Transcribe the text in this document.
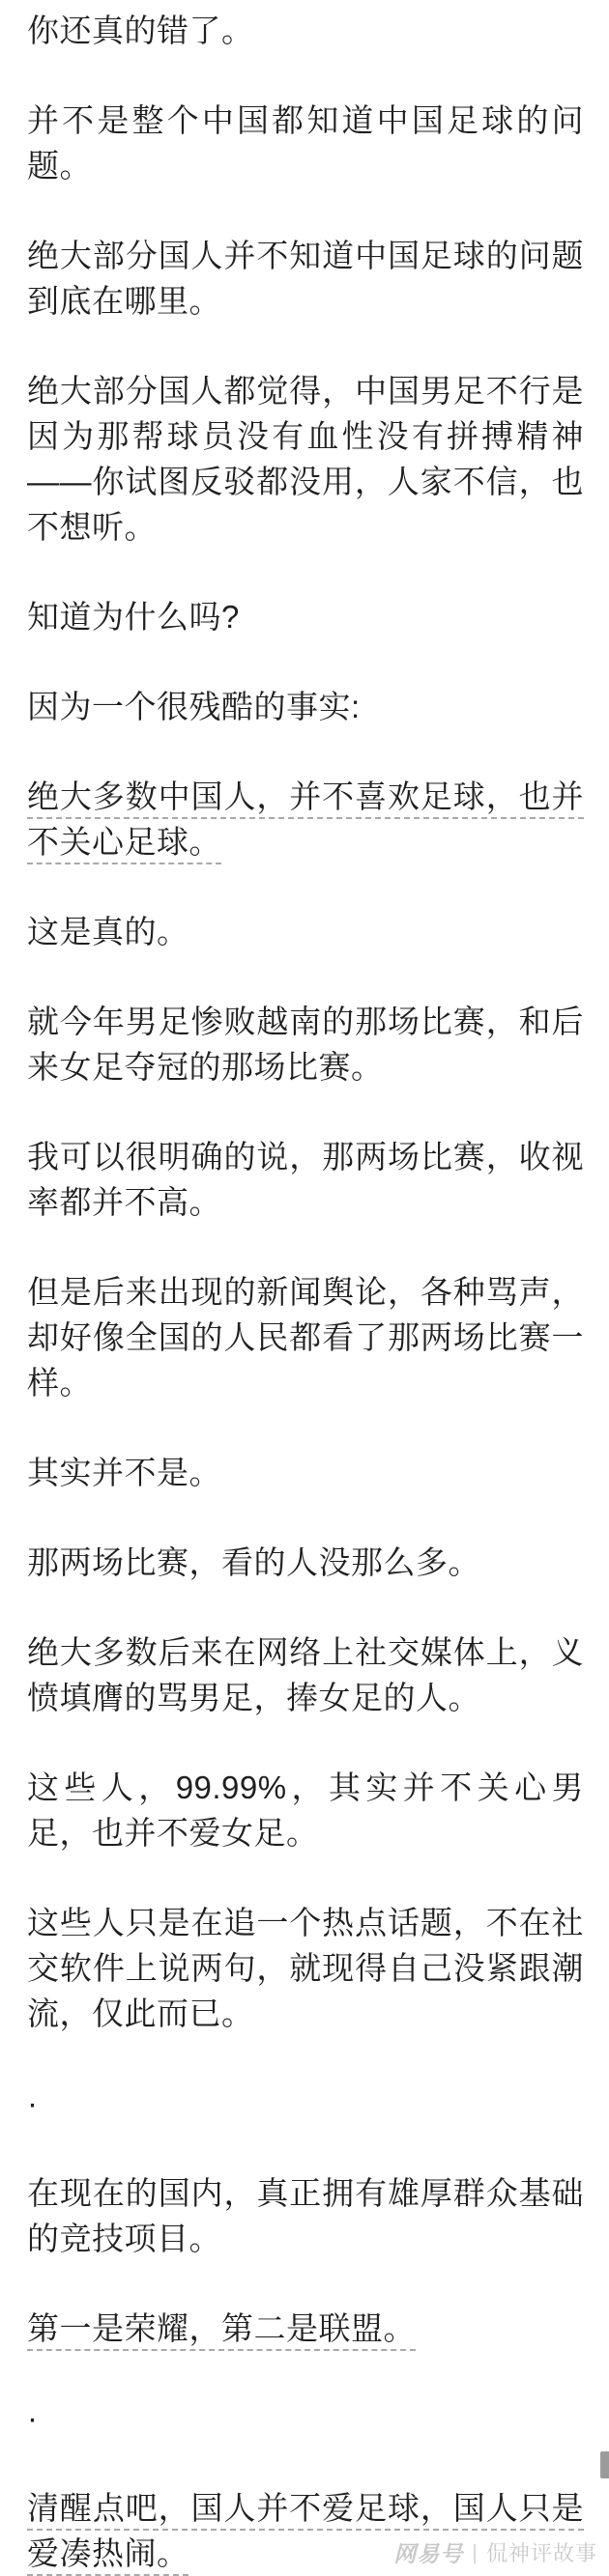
你还真的错了。

并不是整个中国都知道中国足球的问题。

绝大部分国人并不知道中国足球的问题到底在哪里。

绝大部分国人都觉得，中国男足不行是因为那帮球员没有血性没有拼搏精神——你试图反驳都没用，人家不信，也不想听。

知道为什么吗?

因为一个很残酷的事实:

绝大多数中国人，并不喜欢足球，也并不关心足球。

这是真的。

就今年男足惨败越南的那场比赛，和后来女足夺冠的那场比赛。

我可以很明确的说，那两场比赛，收视率都并不高。

但是后来出现的新闻舆论，各种骂声，却好像全国的人民都看了那两场比赛一样。

其实并不是。

那两场比赛，看的人没那么多。

绝大多数后来在网络上社交媒体上，义愤填膺的骂男足，捧女足的人。

这些人，99.99%，其实并不关心男足，也并不爱女足。

这些人只是在追一个热点话题，不在社交软件上说两句，就现得自己没紧跟潮流，仅此而已。

·

在现在的国内，真正拥有雄厚群众基础的竞技项目。

第一是荣耀，第二是联盟。

·

清醒点吧，国人并不爱足球，国人只是爱凑热闹。	网易号 | 侃神评故事
